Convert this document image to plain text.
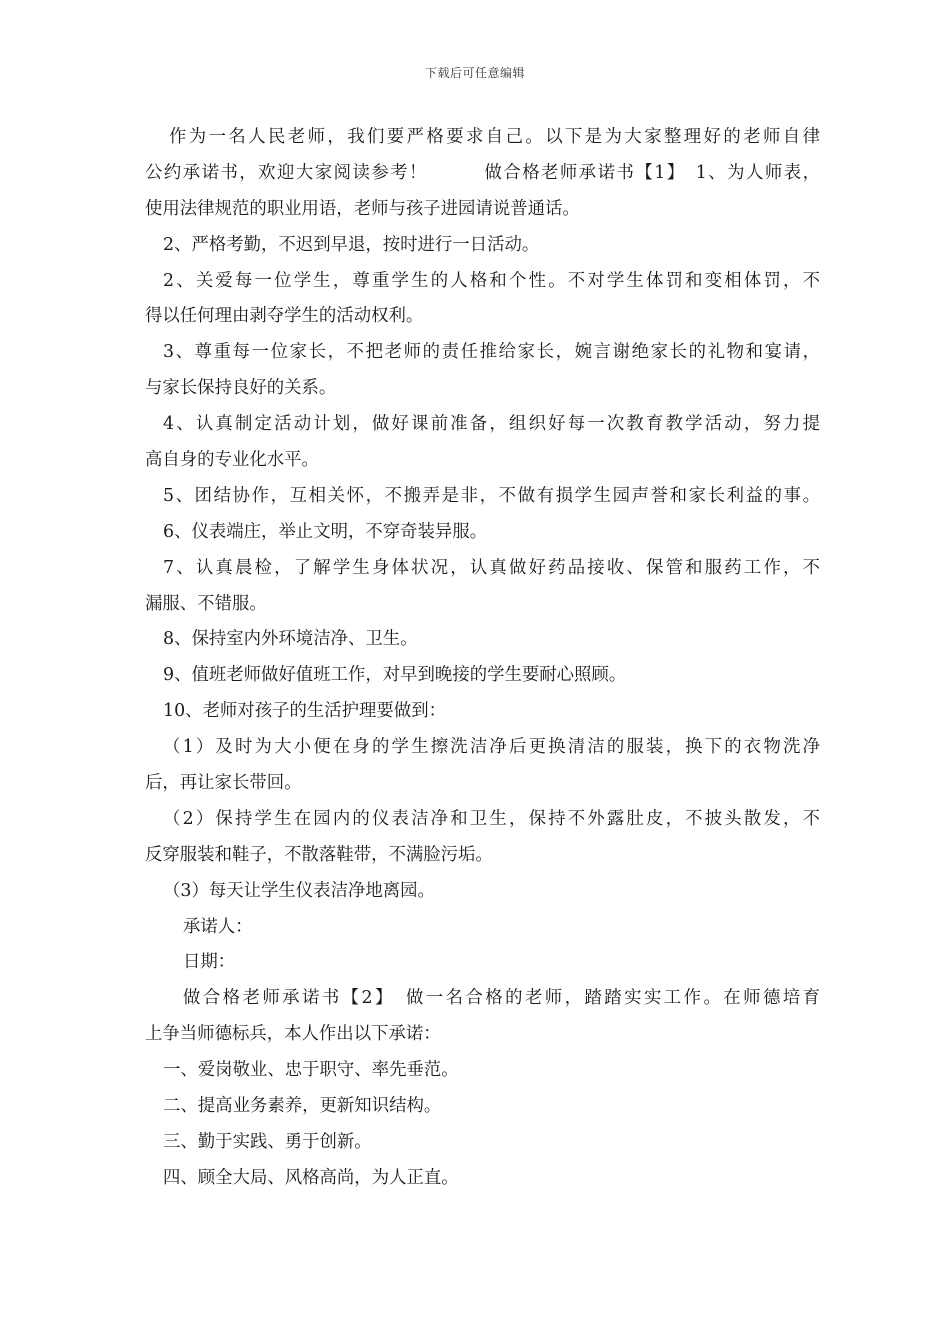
下载后可任意编辑
作为一名人民老师，我们要严格要求自己。以下是为大家整理好的老师自律
公约承诺书，欢迎大家阅读参考！　　　做合格老师承诺书【1】　1、为人师表，
使用法律规范的职业用语，老师与孩子进园请说普通话。
2、严格考勤，不迟到早退，按时进行一日活动。
2、关爱每一位学生，尊重学生的人格和个性。不对学生体罚和变相体罚，不
得以任何理由剥夺学生的活动权利。
3、尊重每一位家长，不把老师的责任推给家长，婉言谢绝家长的礼物和宴请，
与家长保持良好的关系。
4、认真制定活动计划，做好课前准备，组织好每一次教育教学活动，努力提
高自身的专业化水平。
5、团结协作，互相关怀，不搬弄是非，不做有损学生园声誉和家长利益的事。
6、仪表端庄，举止文明，不穿奇装异服。
7、认真晨检，了解学生身体状况，认真做好药品接收、保管和服药工作，不
漏服、不错服。
8、保持室内外环境洁净、卫生。
9、值班老师做好值班工作，对早到晚接的学生要耐心照顾。
10、老师对孩子的生活护理要做到：
（1）及时为大小便在身的学生擦洗洁净后更换清洁的服装，换下的衣物洗净
后，再让家长带回。
（2）保持学生在园内的仪表洁净和卫生，保持不外露肚皮，不披头散发，不
反穿服装和鞋子，不散落鞋带，不满脸污垢。
（3）每天让学生仪表洁净地离园。
承诺人：
日期：
做合格老师承诺书【2】　做一名合格的老师，踏踏实实工作。在师德培育
上争当师德标兵，本人作出以下承诺：
一、爱岗敬业、忠于职守、率先垂范。
二、提高业务素养，更新知识结构。
三、勤于实践、勇于创新。
四、顾全大局、风格高尚，为人正直。
